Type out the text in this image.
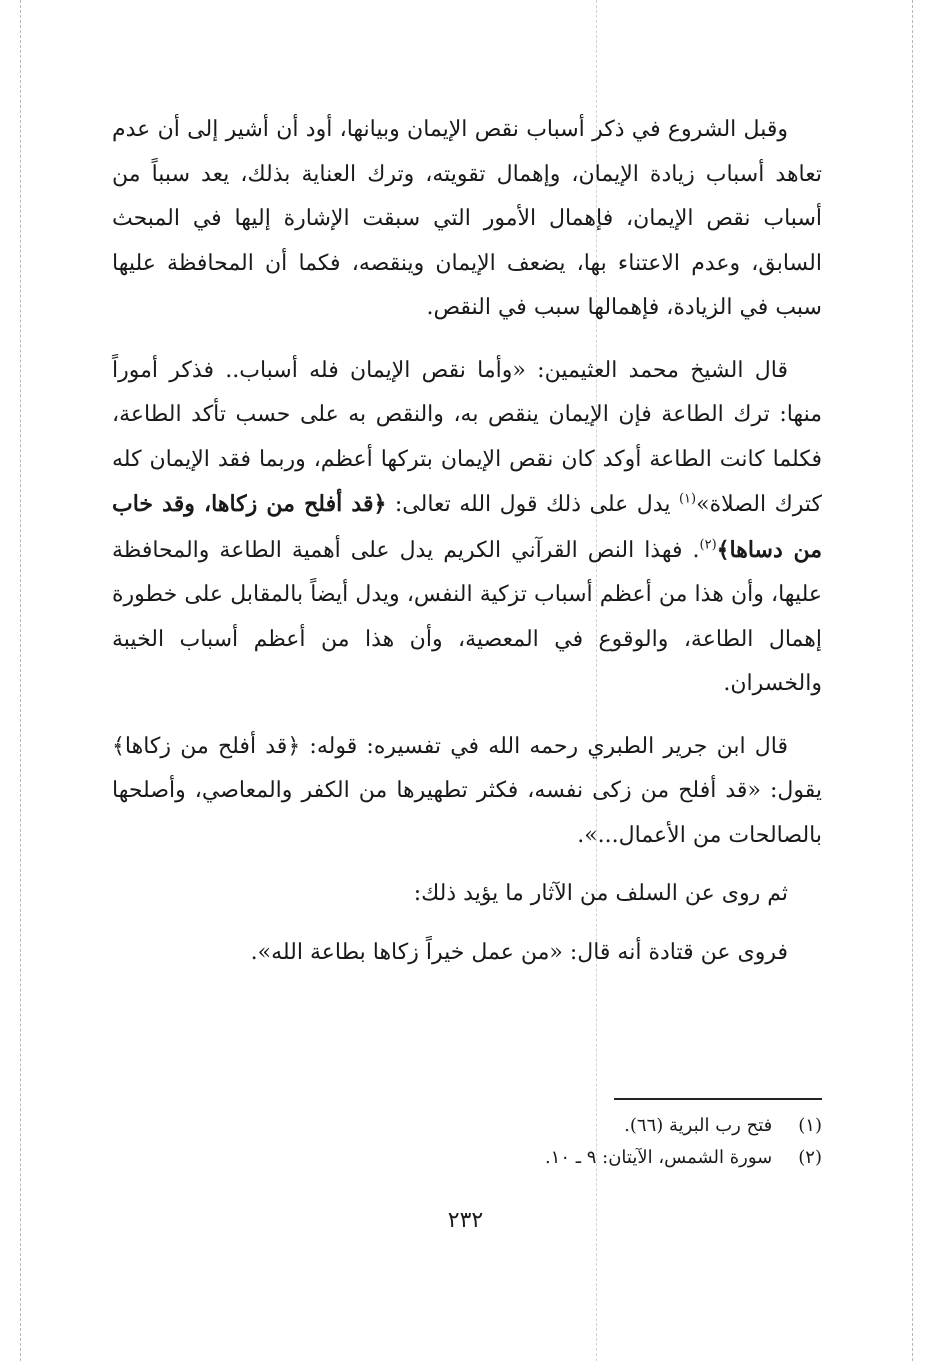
وقبل الشروع في ذكر أسباب نقص الإيمان وبيانها، أود أن أشير إلى أن عدم تعاهد أسباب زيادة الإيمان، وإهمال تقويته، وترك العناية بذلك، يعد سبباً من أسباب نقص الإيمان، فإهمال الأمور التي سبقت الإشارة إليها في المبحث السابق، وعدم الاعتناء بها، يضعف الإيمان وينقصه، فكما أن المحافظة عليها سبب في الزيادة، فإهمالها سبب في النقص.

قال الشيخ محمد العثيمين: «وأما نقص الإيمان فله أسباب.. فذكر أموراً منها: ترك الطاعة فإن الإيمان ينقص به، والنقص به على حسب تأكد الطاعة، فكلما كانت الطاعة أوكد كان نقص الإيمان بتركها أعظم، وربما فقد الإيمان كله كترك الصلاة»$^{(١)}$ يدل على ذلك قول الله تعالى: ﴿قد أفلح من زكاها، وقد خاب من دساها﴾$^{(٢)}$. فهذا النص القرآني الكريم يدل على أهمية الطاعة والمحافظة عليها، وأن هذا من أعظم أسباب تزكية النفس، ويدل أيضاً بالمقابل على خطورة إهمال الطاعة، والوقوع في المعصية، وأن هذا من أعظم أسباب الخيبة والخسران.

قال ابن جرير الطبري رحمه الله في تفسيره: قوله: ﴿قد أفلح من زكاها﴾ يقول: «قد أفلح من زكى نفسه، فكثر تطهيرها من الكفر والمعاصي، وأصلحها بالصالحات من الأعمال...».

ثم روى عن السلف من الآثار ما يؤيد ذلك:

فروى عن قتادة أنه قال: «من عمل خيراً زكاها بطاعة الله».

(١) فتح رب البرية (٦٦).
(٢) سورة الشمس، الآيتان: ٩ ـ ١٠.
٢٣٢
